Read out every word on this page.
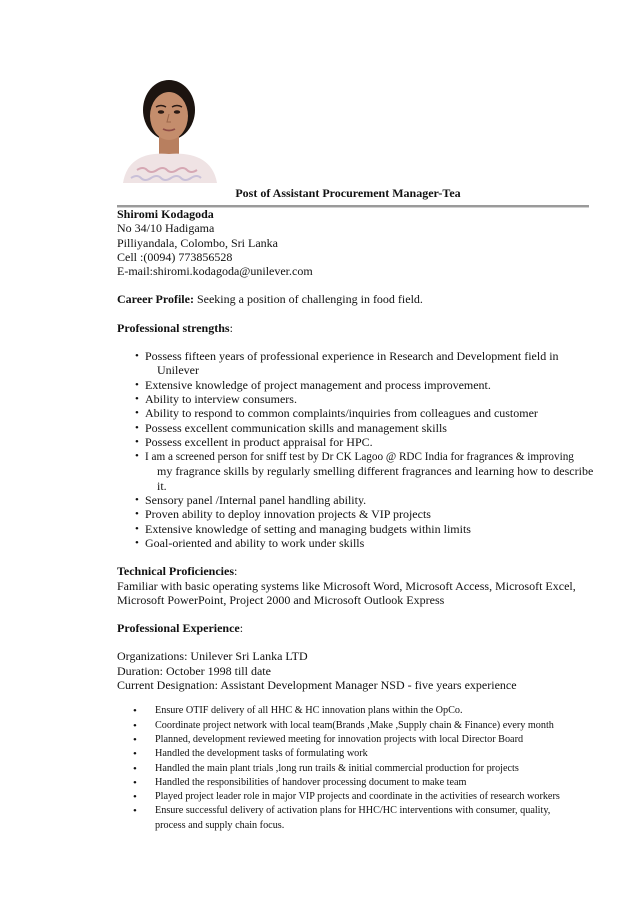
Post of Assistant Procurement Manager-Tea

Shiromi Kodagoda

No 34/10 Hadigama

Pilliyandala, Colombo, Sri Lanka

Cell :(0094) 773856528

E-mail:shiromi.kodagoda@unilever.com

Career Profile: Seeking a position of challenging in food field.

Professional strengths:

• Possess fifteen years of professional experience in Research and Development field in
Unilever
• Extensive knowledge of project management and process improvement.
• Ability to interview consumers.
• Ability to respond to common complaints/inquiries from colleagues and customer
• Possess excellent communication skills and management skills
• Possess excellent in product appraisal for HPC.
• I am a screened person for sniff test by Dr CK Lagoo @ RDC India for fragrances & improving
my fragrance skills by regularly smelling different fragrances and learning how to describe
it.
• Sensory panel /Internal panel handling ability.
• Proven ability to deploy innovation projects & VIP projects
• Extensive knowledge of setting and managing budgets within limits
• Goal-oriented and ability to work under skills

Technical Proficiencies:

Familiar with basic operating systems like Microsoft Word, Microsoft Access, Microsoft Excel,

Microsoft PowerPoint, Project 2000 and Microsoft Outlook Express

Professional Experience:

Organizations: Unilever Sri Lanka LTD

Duration: October 1998 till date

Current Designation: Assistant Development Manager NSD - five years experience

• Ensure OTIF delivery of all HHC & HC innovation plans within the OpCo.
• Coordinate project network with local team(Brands ,Make ,Supply chain & Finance) every month
• Planned, development reviewed meeting for innovation projects with local Director Board
• Handled the development tasks of formulating work
• Handled the main plant trials ,long run trails & initial commercial production for projects
• Handled the responsibilities of handover processing document to make team
• Played project leader role in major VIP projects and coordinate in the activities of research workers
• Ensure successful delivery of activation plans for HHC/HC interventions with consumer, quality,
process and supply chain focus.
